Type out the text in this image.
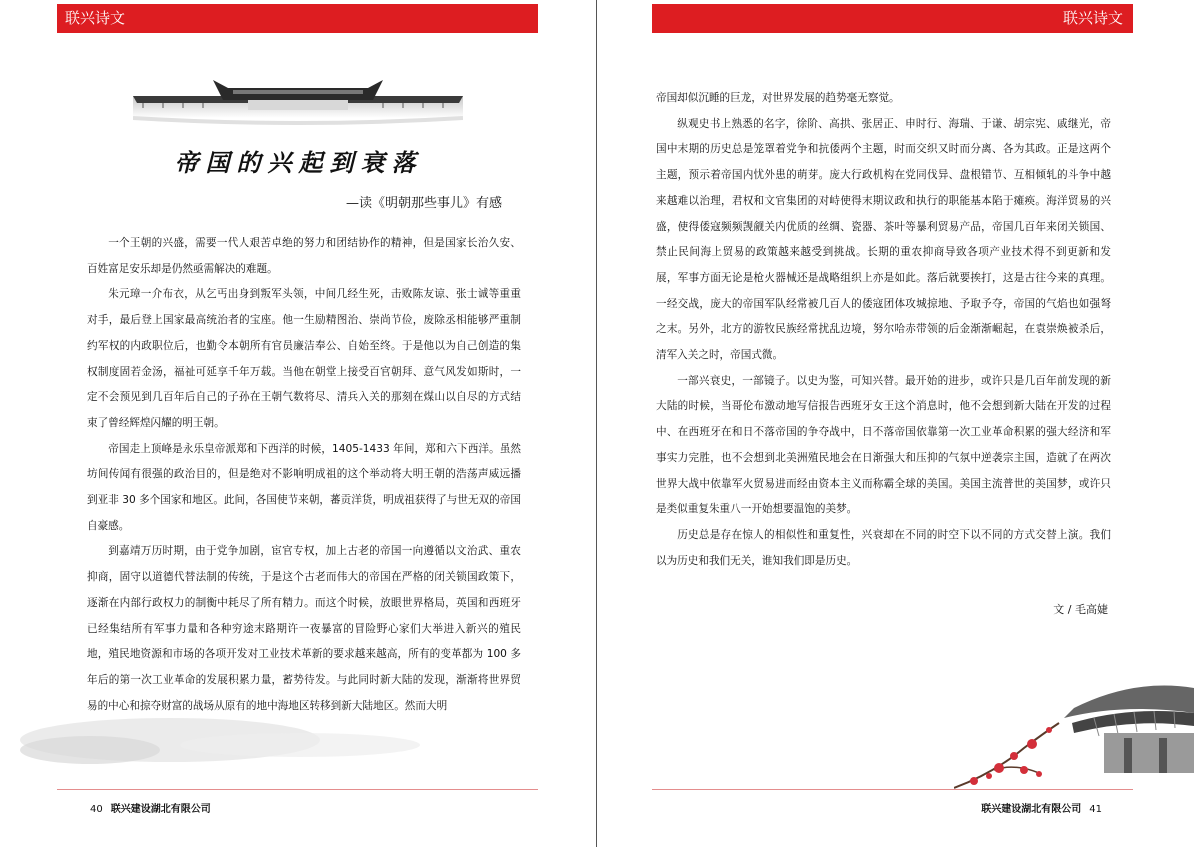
联兴诗文
帝国的兴起到衰落
—读《明朝那些事儿》有感

一个王朝的兴盛，需要一代人艰苦卓绝的努力和团结协作的精神，但是国家长治久安、百姓富足安乐却是仍然亟需解决的难题。

朱元璋一介布衣，从乞丐出身到叛军头领，中间几经生死，击败陈友谅、张士诚等重重对手，最后登上国家最高统治者的宝座。他一生励精图治、崇尚节俭，废除丞相能够严重制约军权的内政职位后，也勤令本朝所有官员廉洁奉公、自始至终。于是他以为自己创造的集权制度固若金汤，福祉可延享千年万载。当他在朝堂上接受百官朝拜、意气风发如斯时，一定不会预见到几百年后自己的子孙在王朝气数将尽、清兵入关的那刻在煤山以自尽的方式结束了曾经辉煌闪耀的明王朝。

帝国走上顶峰是永乐皇帝派郑和下西洋的时候，1405-1433 年间，郑和六下西洋。虽然坊间传闻有很强的政治目的，但是绝对不影响明成祖的这个举动将大明王朝的浩荡声威远播到亚非 30 多个国家和地区。此间，各国使节来朝，蕃贡洋货，明成祖获得了与世无双的帝国自豪感。

到嘉靖万历时期，由于党争加剧，宦官专权，加上古老的帝国一向遵循以文治武、重农抑商，固守以道德代替法制的传统，于是这个古老而伟大的帝国在严格的闭关锁国政策下，逐渐在内部行政权力的制衡中耗尽了所有精力。而这个时候，放眼世界格局，英国和西班牙已经集结所有军事力量和各种穷途末路期许一夜暴富的冒险野心家们大举进入新兴的殖民地，殖民地资源和市场的各项开发对工业技术革新的要求越来越高，所有的变革都为 100 多年后的第一次工业革命的发展积累力量，蓄势待发。与此同时新大陆的发现，渐渐将世界贸易的中心和掠夺财富的战场从原有的地中海地区转移到新大陆地区。然而大明

40 联兴建设湖北有限公司
联兴诗文

帝国却似沉睡的巨龙，对世界发展的趋势毫无察觉。

纵观史书上熟悉的名字，徐阶、高拱、张居正、申时行、海瑞、于谦、胡宗宪、戚继光，帝国中末期的历史总是笼罩着党争和抗倭两个主题，时而交织又时而分离、各为其政。正是这两个主题，预示着帝国内忧外患的萌芽。庞大行政机构在党同伐异、盘根错节、互相倾轧的斗争中越来越难以治理，君权和文官集团的对峙使得末期议政和执行的职能基本陷于瘫痪。海洋贸易的兴盛，使得倭寇频频觊觎关内优质的丝绸、瓷器、茶叶等暴利贸易产品，帝国几百年来闭关锁国、禁止民间海上贸易的政策越来越受到挑战。长期的重农抑商导致各项产业技术得不到更新和发展，军事方面无论是枪火器械还是战略组织上亦是如此。落后就要挨打，这是古往今来的真理。一经交战，庞大的帝国军队经常被几百人的倭寇团体攻城掠地、予取予夺，帝国的气焰也如强弩之末。另外，北方的游牧民族经常扰乱边境，努尔哈赤带领的后金渐渐崛起，在袁崇焕被杀后，清军入关之时，帝国式微。

一部兴衰史，一部镜子。以史为鉴，可知兴替。最开始的进步，或许只是几百年前发现的新大陆的时候，当哥伦布激动地写信报告西班牙女王这个消息时，他不会想到新大陆在开发的过程中、在西班牙在和日不落帝国的争夺战中，日不落帝国依靠第一次工业革命积累的强大经济和军事实力完胜，也不会想到北美洲殖民地会在日渐强大和压抑的气氛中逆袭宗主国，造就了在两次世界大战中依靠军火贸易进而经由资本主义而称霸全球的美国。美国主流普世的美国梦，或许只是类似重复朱重八一开始想要温饱的美梦。

历史总是存在惊人的相似性和重复性，兴衰却在不同的时空下以不同的方式交替上演。我们以为历史和我们无关，谁知我们即是历史。

文 / 毛高婕
联兴建设湖北有限公司 41
